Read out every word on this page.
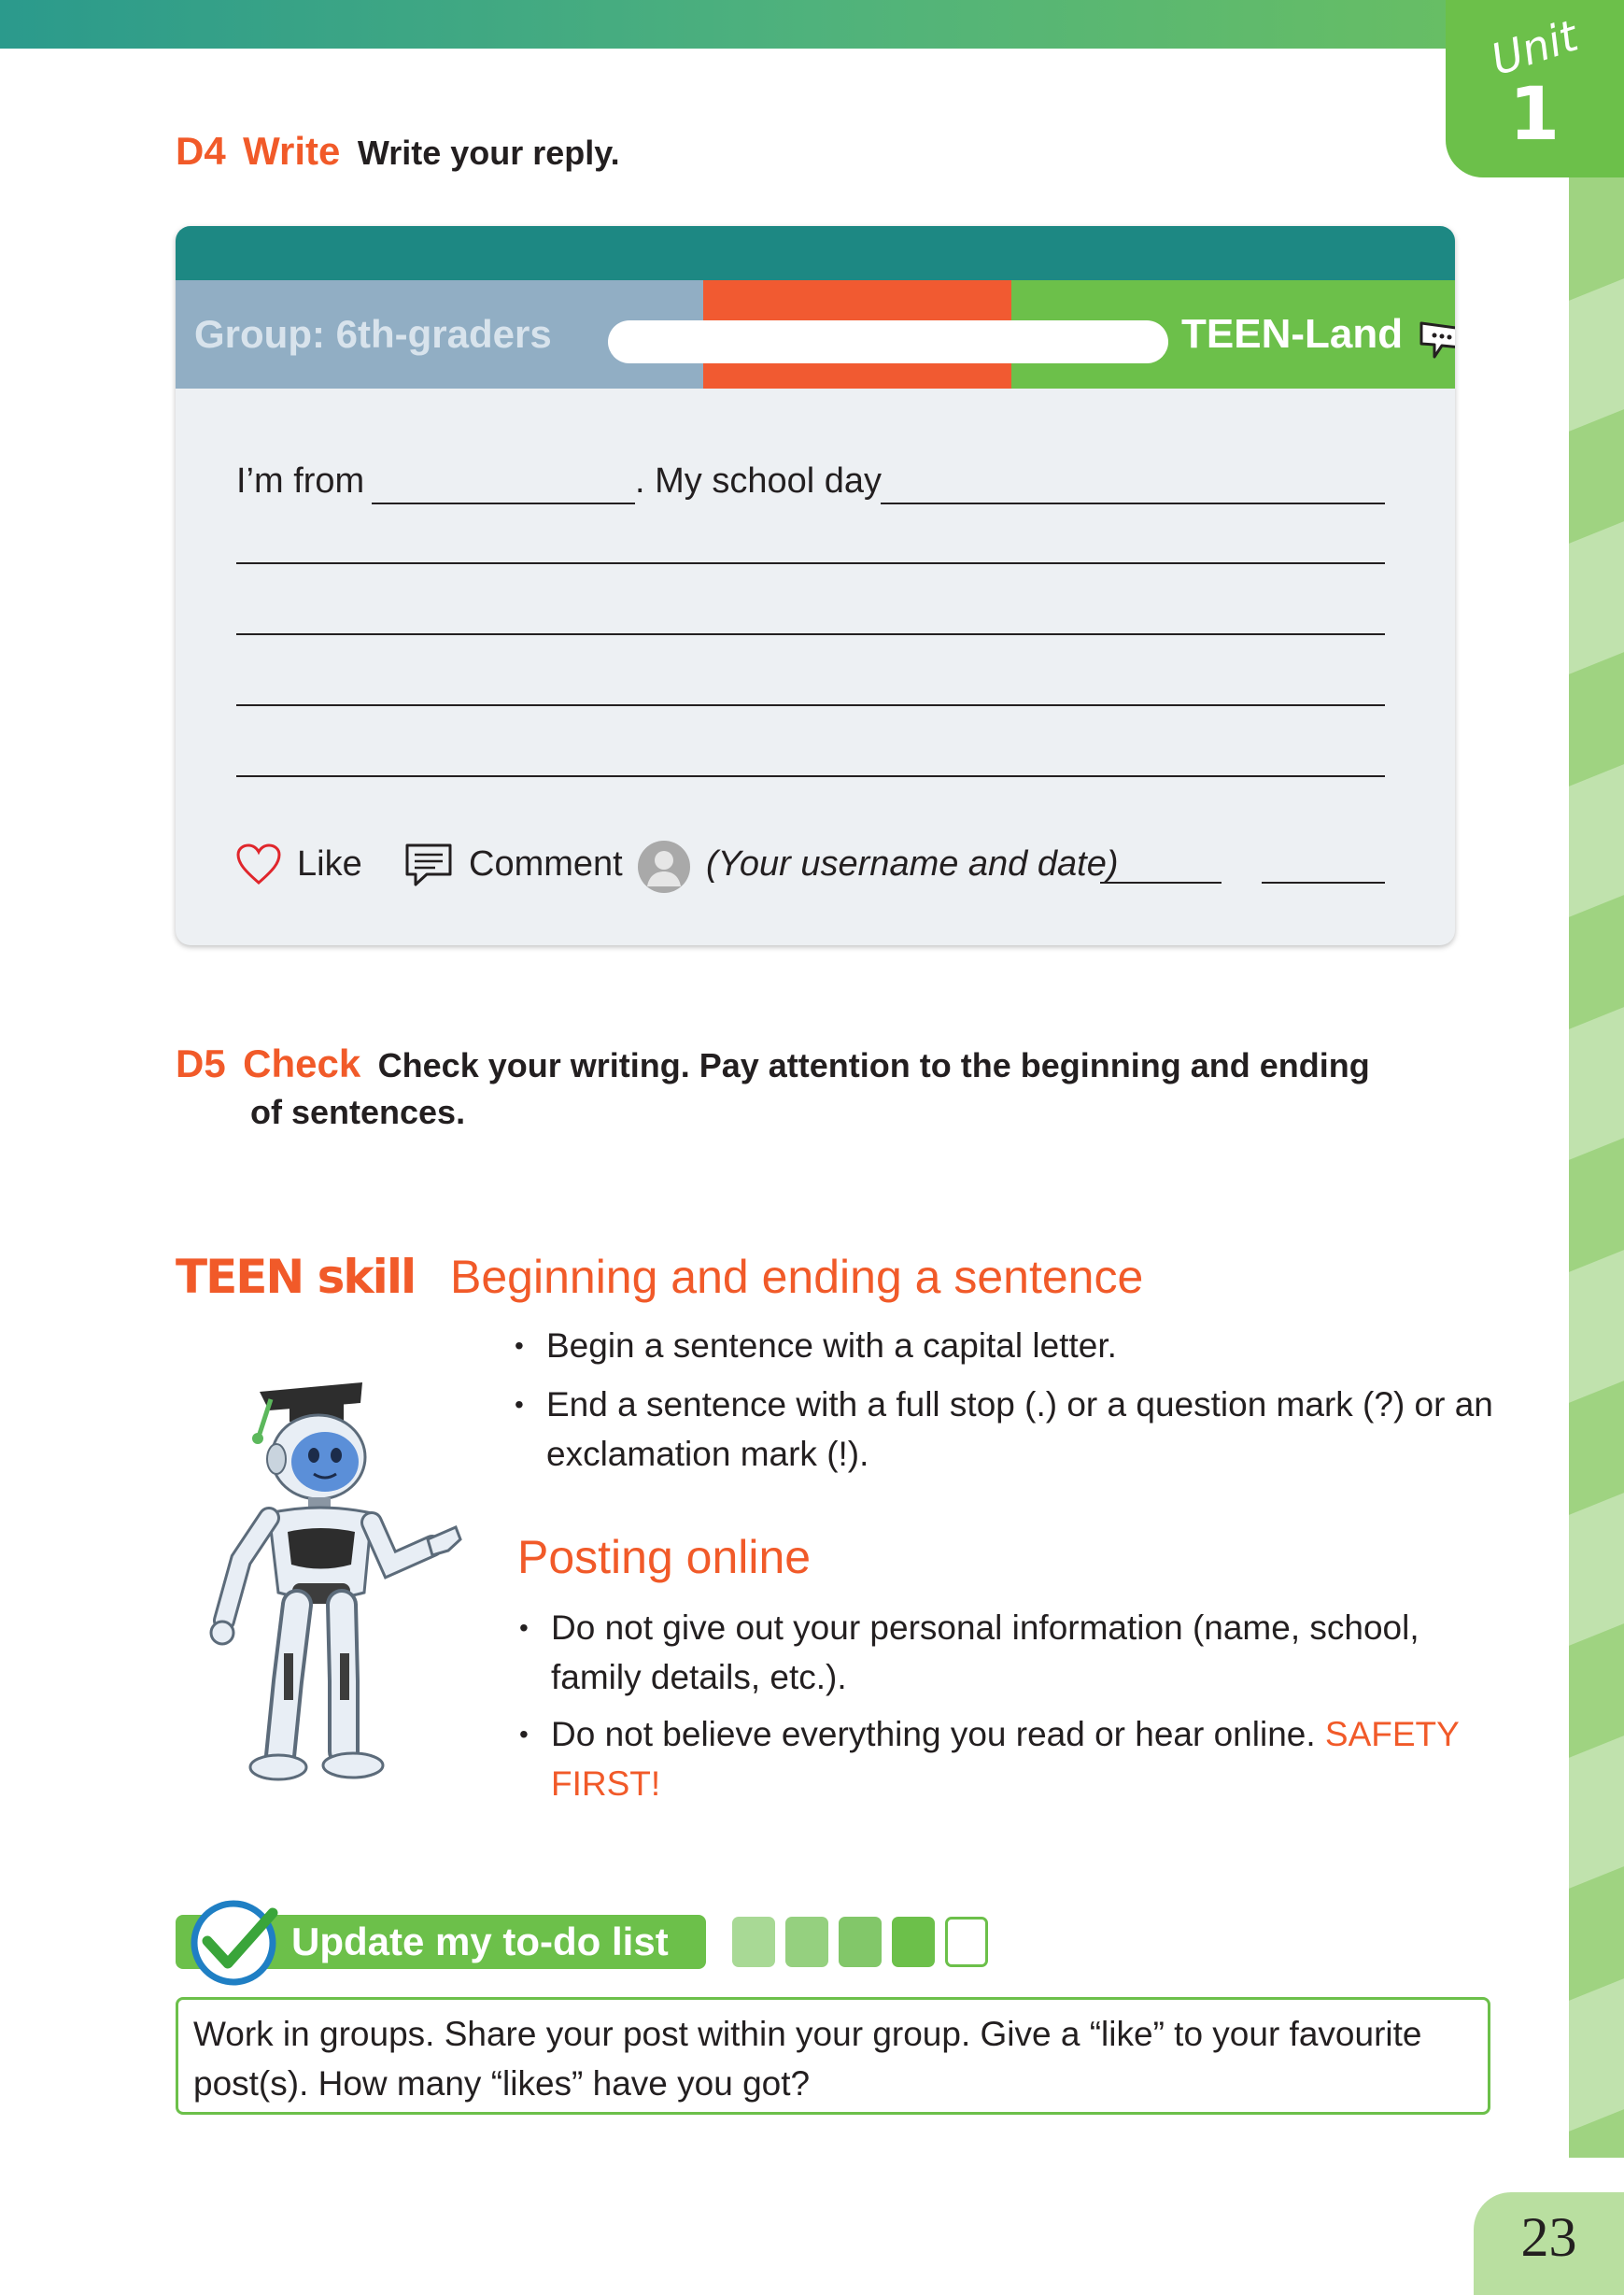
Unit
1
23
D4 Write Write your reply.
Group: 6th-graders	TEEN-Land
I’m from	. My school day
Like	Comment (Your username and date)
D5 Check Check your writing. Pay attention to the beginning and ending
of sentences.
TEEN skill Beginning and ending a sentence
• Begin a sentence with a capital letter.
• End a sentence with a full stop (.) or a question mark (?) or an
exclamation mark (!).
Posting online
• Do not give out your personal information (name, school,
family details, etc.).
• Do not believe everything you read or hear online. SAFETY
FIRST!
Update my to-do list
Work in groups. Share your post within your group. Give a “like” to your favourite
post(s). How many “likes” have you got?
